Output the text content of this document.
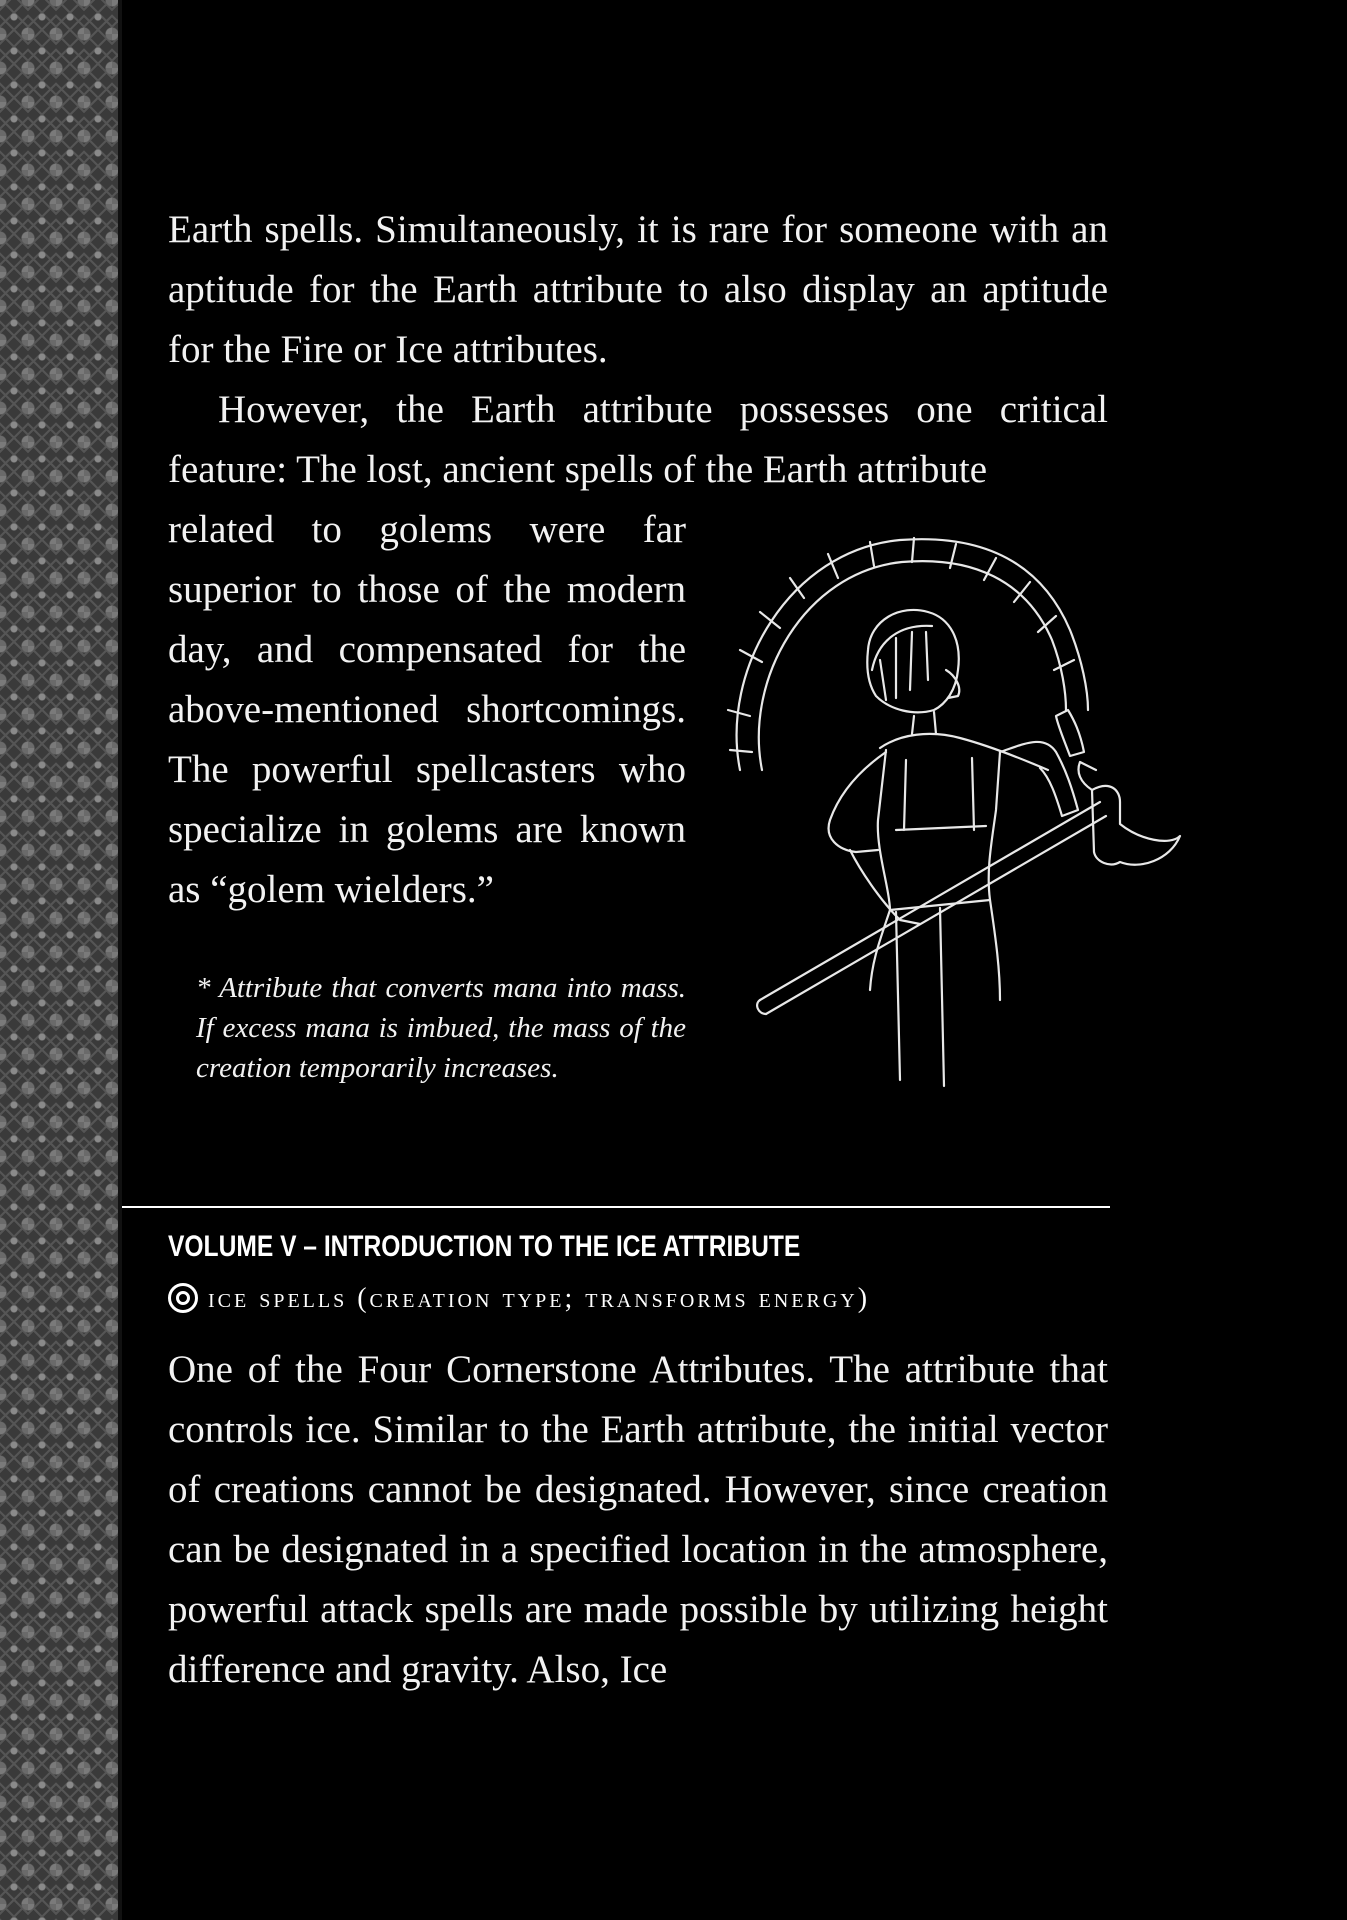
Earth spells. Simultaneously, it is rare for someone with an aptitude for the Earth attribute to also display an aptitude for the Fire or Ice attributes.

However, the Earth attribute possesses one critical feature: The lost, ancient spells of the Earth attribute

related to golems were far superior to those of the modern day, and compensated for the above-mentioned shortcomings. The powerful spellcasters who specialize in golems are known as “golem wielders.”

* Attribute that converts mana into mass. If excess mana is imbued, the mass of the creation temporarily increases.
VOLUME V – INTRODUCTION TO THE ICE ATTRIBUTE
ice spells (creation type; transforms energy)

One of the Four Cornerstone Attributes. The attribute that controls ice. Similar to the Earth attribute, the initial vector of creations cannot be designated. However, since creation can be designated in a specified location in the atmosphere, powerful attack spells are made possible by utilizing height difference and gravity. Also, Ice
